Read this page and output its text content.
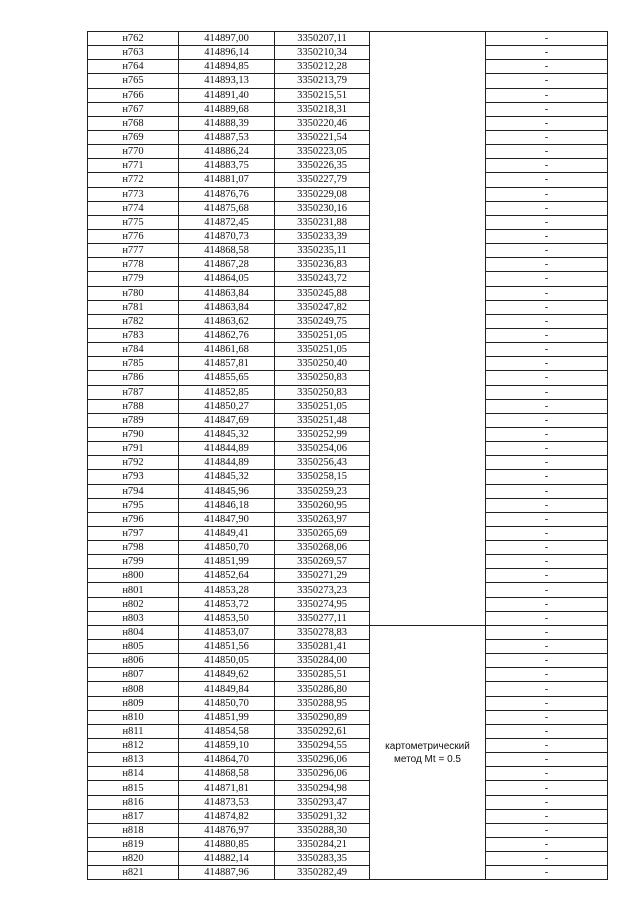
н762	414897,00	3350207,11		-
н763	414896,14	3350210,34		-
н764	414894,85	3350212,28		-
н765	414893,13	3350213,79		-
н766	414891,40	3350215,51		-
н767	414889,68	3350218,31		-
н768	414888,39	3350220,46		-
н769	414887,53	3350221,54		-
н770	414886,24	3350223,05		-
н771	414883,75	3350226,35		-
н772	414881,07	3350227,79		-
н773	414876,76	3350229,08		-
н774	414875,68	3350230,16		-
н775	414872,45	3350231,88		-
н776	414870,73	3350233,39		-
н777	414868,58	3350235,11		-
н778	414867,28	3350236,83		-
н779	414864,05	3350243,72		-
н780	414863,84	3350245,88		-
н781	414863,84	3350247,82		-
н782	414863,62	3350249,75		-
н783	414862,76	3350251,05		-
н784	414861,68	3350251,05		-
н785	414857,81	3350250,40		-
н786	414855,65	3350250,83		-
н787	414852,85	3350250,83		-
н788	414850,27	3350251,05		-
н789	414847,69	3350251,48		-
н790	414845,32	3350252,99		-
н791	414844,89	3350254,06		-
н792	414844,89	3350256,43		-
н793	414845,32	3350258,15		-
н794	414845,96	3350259,23		-
н795	414846,18	3350260,95		-
н796	414847,90	3350263,97		-
н797	414849,41	3350265,69		-
н798	414850,70	3350268,06		-
н799	414851,99	3350269,57		-
н800	414852,64	3350271,29		-
н801	414853,28	3350273,23		-
н802	414853,72	3350274,95		-
н803	414853,50	3350277,11		-
н804	414853,07	3350278,83	картометрический метод Mt = 0.5	-
н805	414851,56	3350281,41		-
н806	414850,05	3350284,00		-
н807	414849,62	3350285,51		-
н808	414849,84	3350286,80		-
н809	414850,70	3350288,95		-
н810	414851,99	3350290,89		-
н811	414854,58	3350292,61		-
н812	414859,10	3350294,55		-
н813	414864,70	3350296,06		-
н814	414868,58	3350296,06		-
н815	414871,81	3350294,98		-
н816	414873,53	3350293,47		-
н817	414874,82	3350291,32		-
н818	414876,97	3350288,30		-
н819	414880,85	3350284,21		-
н820	414882,14	3350283,35		-
н821	414887,96	3350282,49		-
